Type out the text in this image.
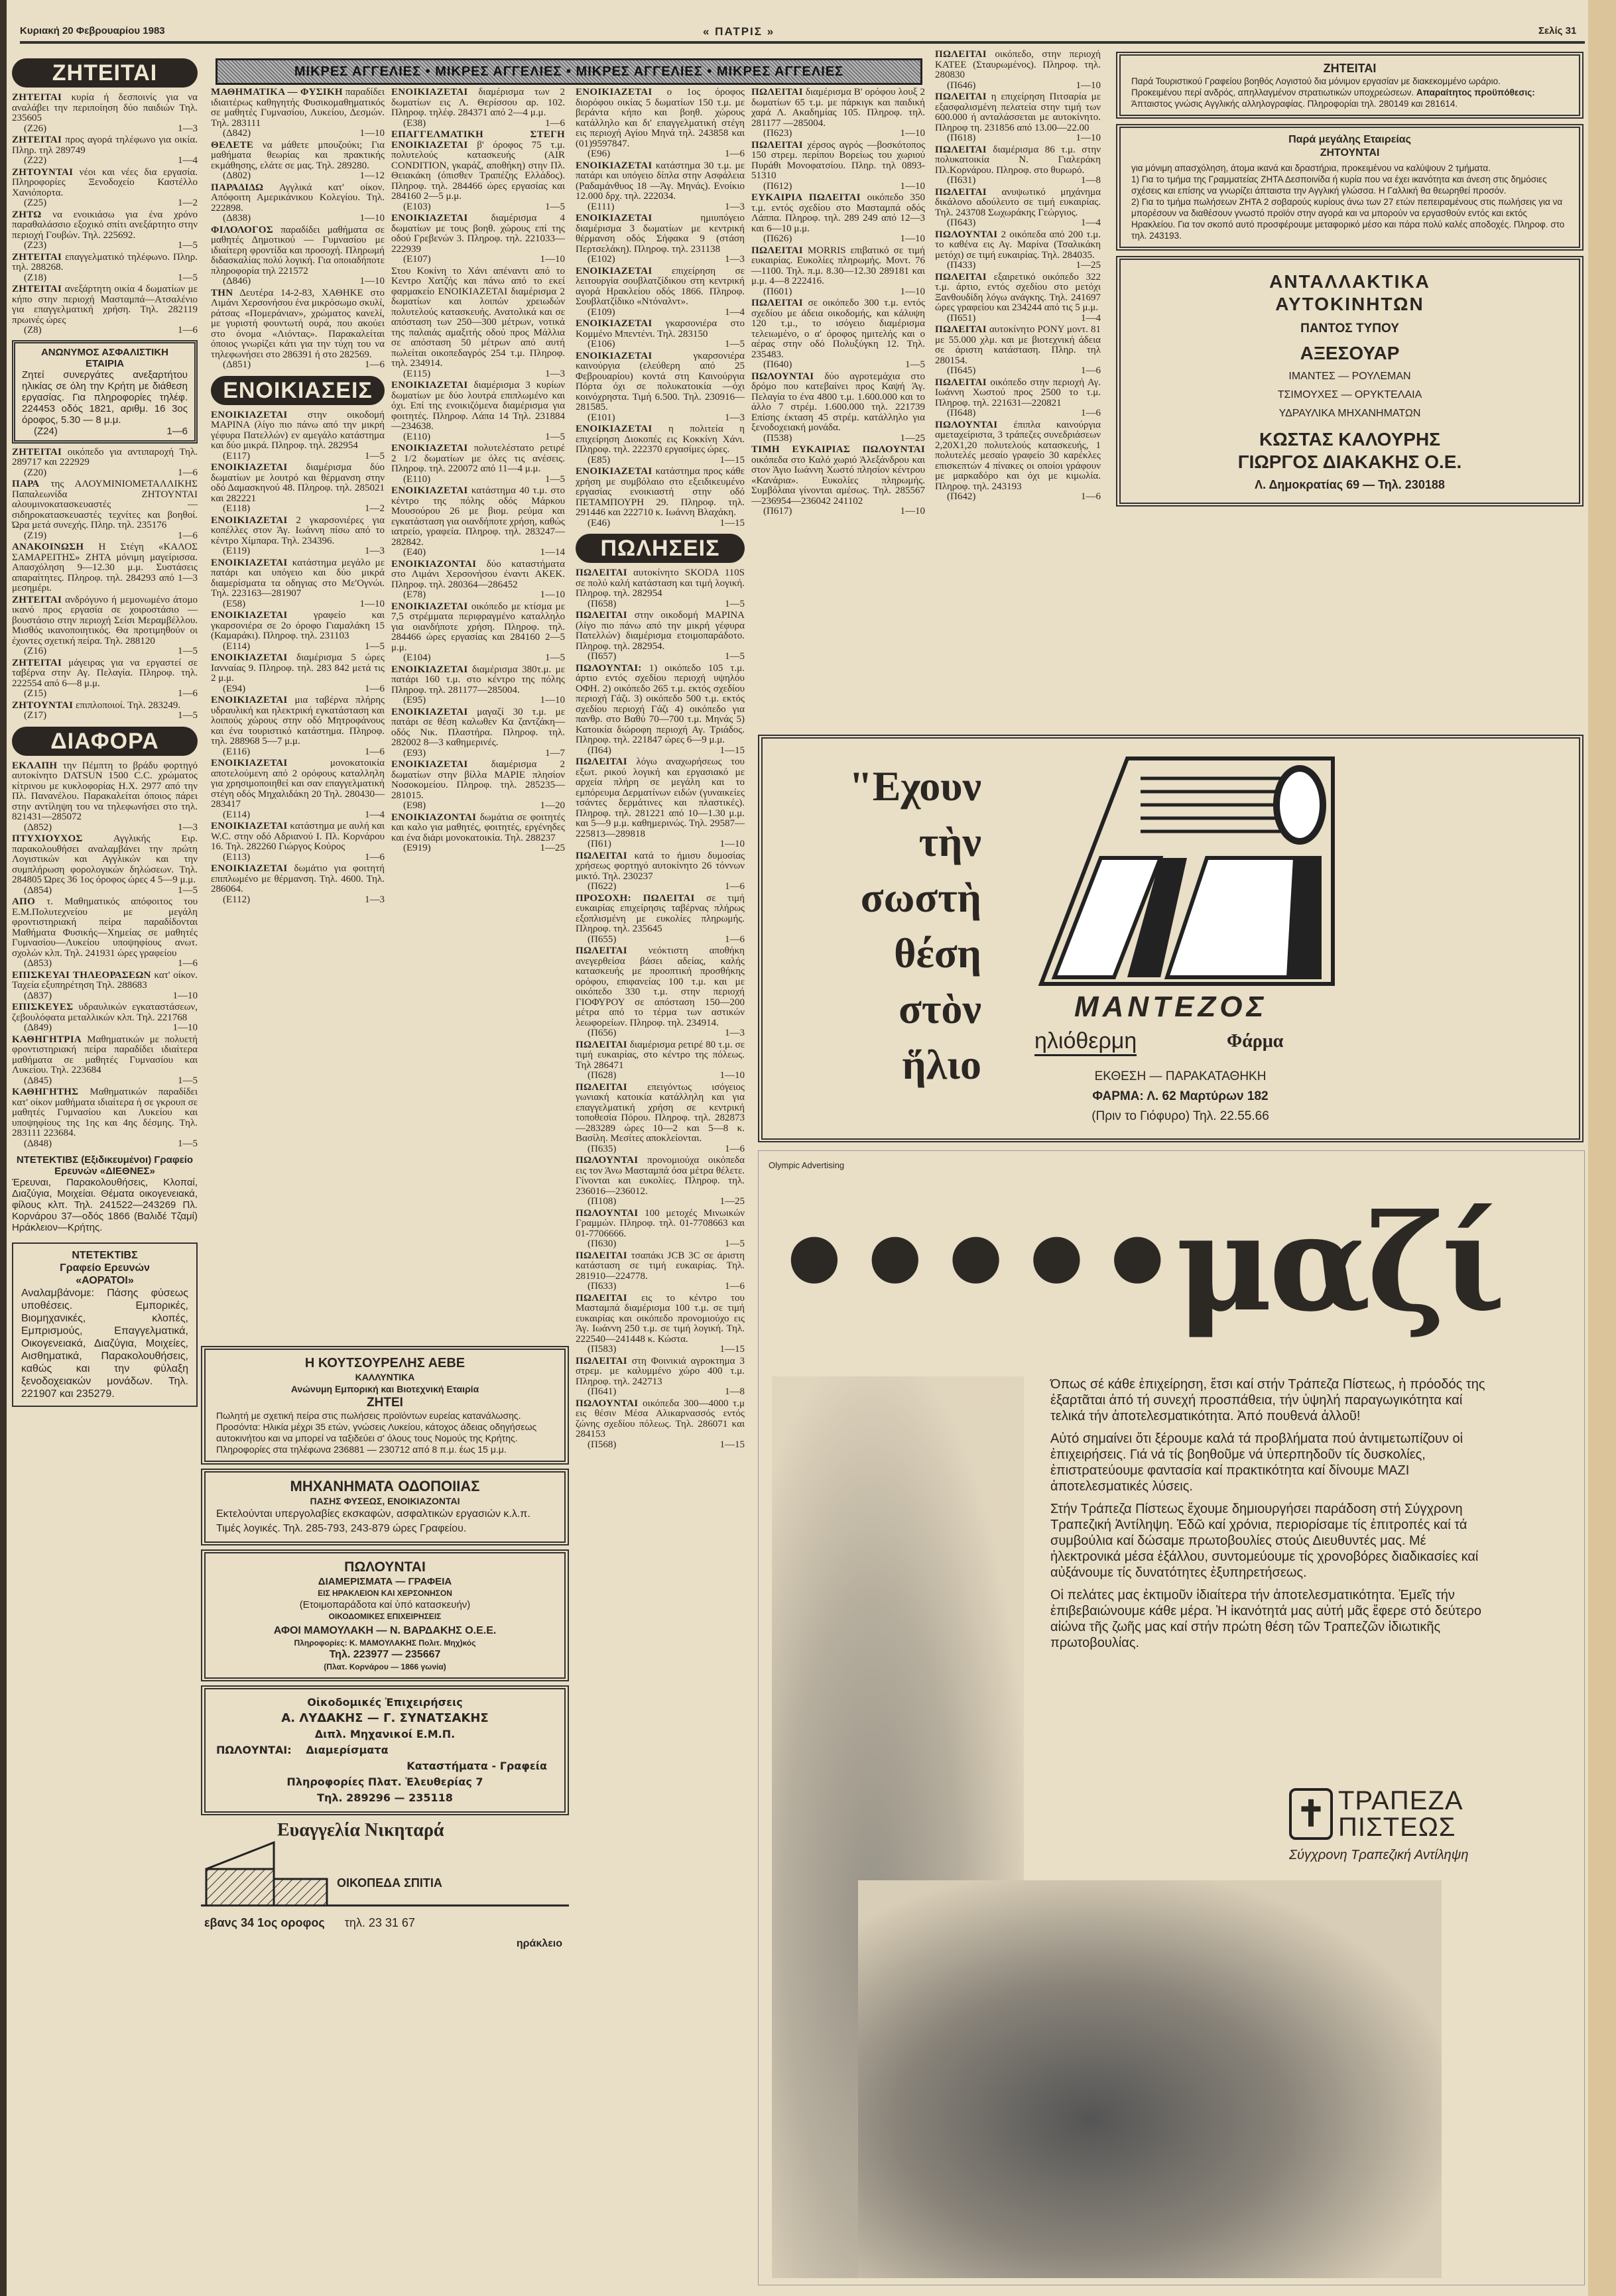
Κυριακή 20 Φεβρουαρίου 1983	« ΠΑΤΡΙΣ »	Σελίς 31
ΜΙΚΡΕΣ ΑΓΓΕΛΙΕΣ • ΜΙΚΡΕΣ ΑΓΓΕΛΙΕΣ • ΜΙΚΡΕΣ ΑΓΓΕΛΙΕΣ • ΜΙΚΡΕΣ ΑΓΓΕΛΙΕΣ
ΖΗΤΕΙΤΑΙ
ΖΗΤΕΙΤΑΙ κυρία ή δεσποινίς για να αναλάβει την περιποίηση δύο παιδιών Τηλ. 235605
(Ζ26)	1—3
ΖΗΤΕΙΤΑΙ προς αγορά τηλέφωνο για οικία. Πληρ. τηλ 289749
(Ζ22)	1—4
ΖΗΤΟΥΝΤΑΙ νέοι και νέες δια εργασία. Πληροφορίες Ξενοδοχείο Καστέλλο Χανιόπορτα.
(Ζ25)	1—2
ΖΗΤΩ να ενοικιάσω για ένα χρόνο παραθαλάσσιο εξοχικό σπίτι ανεξάρτητο στην περιοχή Γουβών. Τηλ. 225692.
(Ζ23)	1—5
ΖΗΤΕΙΤΑΙ επαγγελματικό τηλέφωνο. Πληρ. τηλ. 288268.
(Ζ18)	1—5
ΖΗΤΕΙΤΑΙ ανεξάρτητη οικία 4 δωματίων με κήπο στην περιοχή Μασταμπά—Ατσαλένιο για επαγγελματική χρήση. Τηλ. 282119 πρωινές ώρες
(Ζ8)	1—6
ΑΝΩΝΥΜΟΣ ΑΣΦΑΛΙΣΤΙΚΗ ΕΤΑΙΡΙΑ
Ζητεί συνεργάτες ανεξαρτήτου ηλικίας σε όλη την Κρήτη με διάθεση εργασίας. Για πληροφορίες τηλέφ. 224453 οδός 1821, αριθμ. 16 3ος όροφος, 5.30 — 8 μ.μ.
(Ζ24)	1—6
ΖΗΤΕΙΤΑΙ οικόπεδο για αντιπαροχή Τηλ. 289717 και 222929
(Ζ20)	1—6
ΠΑΡΑ της ΑΛΟΥΜΙΝΙΟΜΕΤΑΛΛΙΚΗΣ Παπαλεωνίδα ΖΗΤΟΥΝΤΑΙ αλουμινοκατασκευαστές — σιδηροκατασκευαστές τεχνίτες και βοηθοί. Ώρα μετά συνεχής. Πληρ. τηλ. 235176
(Ζ19)	1—6
ΑΝΑΚΟΙΝΩΣΗ Η Στέγη «ΚΑΛΟΣ ΣΑΜΑΡΕΙΤΗΣ» ΖΗΤΑ μόνιμη μαγείρισσα. Απασχόληση 9—12.30 μ.μ. Συστάσεις απαραίτητες. Πληροφ. τηλ. 284293 από 1—3 μεσημέρι.
ΖΗΤΕΙΤΑΙ ανδρόγυνο ή μεμονωμένο άτομο ικανό προς εργασία σε χοιροστάσιο — βουστάσιο στην περιοχή Σείσι Μεραμβέλλου. Μισθός ικανοποιητικός. Θα προτιμηθούν οι έχοντες σχετική πείρα. Τηλ. 288120
(Ζ16)	1—5
ΖΗΤΕΙΤΑΙ μάγειρας για να εργαστεί σε ταβέρνα στην Αγ. Πελαγία. Πληροφ. τηλ. 222554 από 6—8 μ.μ.
(Ζ15)	1—6
ΖΗΤΟΥΝΤΑΙ επιπλοποιοί. Τηλ. 283249.
(Ζ17)	1—5
ΔΙΑΦΟΡΑ
ΕΚΛΑΠΗ την Πέμπτη το βράδυ φορτηγό αυτοκίνητο DATSUN 1500 C.C. χρώματος κίτρινου με κυκλοφορίας Η.Χ. 2977 από την Πλ. Πανανέλου. Παρακαλείται όποιος πάρει στην αντίληψη του να τηλεφωνήσει στο τηλ. 821431—285072
(Δ852)	1—3
ΠΤΥΧΙΟΥΧΟΣ	Αγγλικής Ειρ. παρακολουθήσει αναλαμβάνει την πρώτη Λογιστικών και Αγγλικών και την συμπλήρωση φορολογικών δηλώσεων. Τηλ. 284805 Ώρες 36 1ος όροφος ώρες 4 5—9 μ.μ.
(Δ854)	1—5
ΑΠΟ τ. Μαθηματικός απόφοιτος του Ε.Μ.Πολυτεχνείου με μεγάλη φροντιστηριακή πείρα παραδίδονται Μαθήματα Φυσικής—Χημείας σε μαθητές Γυμνασίου—Λυκείου υποψηφίους ανωτ. σχολών κλπ. Τηλ. 241931 ώρες γραφείου
(Δ853)	1—6
ΕΠΙΣΚΕΥΑΙ ΤΗΛΕΟΡΑΣΕΩΝ κατ' οίκον. Ταχεία εξυπηρέτηση Τηλ. 288683
(Δ837)	1—10
ΕΠΙΣΚΕΥΕΣ υδραυλικών εγκαταστάσεων, ζεβουλόφατα μεταλλικών κλπ. Τηλ. 221768
(Δ849)	1—10
ΚΑΘΗΓΗΤΡΙΑ Μαθηματικών με πολυετή φροντιστηριακή πείρα παραδίδει ιδιαίτερα μαθήματα σε μαθητές Γυμνασίου και Λυκείου. Τηλ. 223684
(Δ845)	1—5
ΚΑΘΗΓΗΤΗΣ Μαθηματικών παραδίδει κατ' οίκον μαθήματα ιδιαίτερα ή σε γκρουπ σε μαθητές Γυμνασίου και Λυκείου και υποψηφίους της 1ης και 4ης δέσμης. Τηλ. 283111 223684.
(Δ848)	1—5
ΝΤΕΤΕΚΤΙΒΣ (Εξιδικευμένοι) Γραφείο Ερευνών «ΔΙΕΘΝΕΣ»
Έρευναι, Παρακολουθήσεις, Κλοπαί, Διαζύγια, Μοιχείαι. Θέματα οικογενειακά, φίλους κλπ. Τηλ. 241522—243269 Πλ. Κορνάρου 37—οδός 1866 (Βαλιδέ Τζαμί) Ηράκλειον—Κρήτης.
ΝΤΕΤΕΚΤΙΒΣ
Γραφείο Ερευνών
«ΑΟΡΑΤΟΙ»
Αναλαμβάνομε: Πάσης φύσεως υποθέσεις. Εμπορικές, Βιομηχανικές, κλοπές, Εμπρισμούς, Επαγγελματικά, Οικογενειακά, Διαζύγια, Μοιχείες, Αισθηματικά, Παρακολουθήσεις, καθώς και την φύλαξη ξενοδοχειακών μονάδων. Τηλ. 221907 και 235279.
ΜΑΘΗΜΑΤΙΚΑ — ΦΥΣΙΚΗ παραδίδει ιδιαιτέρως καθηγητής Φυσικομαθηματικός σε μαθητές Γυμνασίου, Λυκείου, Δεσμών. Τηλ. 283111
(Δ842)	1—10
ΘΕΛΕΤΕ να μάθετε μπουζούκι; Για μαθήματα θεωρίας και πρακτικής εκμάθησης, ελάτε σε μας. Τηλ. 289280.
(Δ802)	1—12
ΠΑΡΑΔΙΔΩ Αγγλικά κατ' οίκον. Απόφοιτη Αμερικάνικου Κολεγίου. Τηλ. 222898.
(Δ838)	1—10
ΦΙΛΟΛΟΓΟΣ παραδίδει μαθήματα σε μαθητές Δημοτικού — Γυμνασίου με ιδιαίτερη φροντίδα και προσοχή. Πληρωμή διδασκαλίας πολύ λογική. Για οποιαδήποτε πληροφορία τηλ 221572
(Δ846)	1—10
ΤΗΝ Δευτέρα 14-2-83, ΧΑΘΗΚΕ στο Λιμάνι Χερσονήσου ένα μικρόσωμο σκυλί, ράτσας «Πομεράνιαν», χρώματος κανελί, με γυριστή φουντωτή ουρά, που ακούει στο όνομα «Λιόντας». Παρακαλείται όποιος γνωρίζει κάτι για την τύχη του να τηλεφωνήσει στο 286391 ή στο 282569.
(Δ851)	1—6
ΕΝΟΙΚΙΑΣΕΙΣ
ΕΝΟΙΚΙΑΖΕΤΑΙ στην οικοδομή ΜΑΡΙΝΑ (λίγο πιο πάνω από την μικρή γέφυρα Πατελλών) εν αμεγάλο κατάστημα και δύο μικρά. Πληροφ. τηλ. 282954
(Ε117)	1—5
ΕΝΟΙΚΙΑΖΕΤΑΙ διαμέρισμα δύο δωματίων με λουτρό και θέρμανση στην οδό Δαμασκηνού 48. Πληροφ. τηλ. 285021 και 282221
(Ε118)	1—2
ΕΝΟΙΚΙΑΖΕΤΑΙ 2 γκαρσονιέρες για κοπέλλες στον Άγ. Ιωάννη πίσω από το κέντρο Χίμπαρα. Τηλ. 234396.
(Ε119)	1—3
ΕΝΟΙΚΙΑΖΕΤΑΙ κατάστημα μεγάλο με πατάρι και υπόγειο και δύο μικρά διαμερίσματα τα οδηγιας στο Με'Ογνώι. Τηλ. 223163—281907
(Ε58)	1—10
ΕΝΟΙΚΙΑΖΕΤΑΙ	γραφείο και γκαρσονιέρα σε 2ο όροφο Γιαμαλάκη 15 (Καμαράκι). Πληροφ. τηλ. 231103
(Ε114)	1—5
ΕΝΟΙΚΙΑΖΕΤΑΙ διαμέρισμα 5 ώρες Ιανναίας 9. Πληροφ. τηλ. 283 842 μετά τις 2 μ.μ.
(Ε94)	1—6
ΕΝΟΙΚΙΑΖΕΤΑΙ μια ταβέρνα πλήρης υδραυλική και ηλεκτρική εγκατάσταση και λοιπούς χώρους στην οδό Μητροφάνους και ένα τουριστικό κατάστημα. Πληροφ. τηλ. 288968 5—7 μ.μ.
(Ε116)	1—6
ΕΝΟΙΚΙΑΖΕΤΑΙ	μονοκατοικία αποτελούμενη από 2 ορόφους καταλληλη για χρησιμοποιηθεί και σαν επαγγελματική στέγη οδός Μηχαλιδάκη 20 Τηλ. 280430—283417
(Ε114)	1—4
ΕΝΟΙΚΙΑΖΕΤΑΙ κατάστημα με αυλή και W.C. στην οδό Αδριανού Ι. Πλ. Κορνάρου 16. Τηλ. 282260 Γιώργος Κούρος
(Ε113)	1—6
ΕΝΟΙΚΙΑΖΕΤΑΙ δωμάτιο για φοιτητή επιπλωμένο με θέρμανση. Τηλ. 4600. Τηλ. 286064.
(Ε112)	1—3
ΕΝΟΙΚΙΑΖΕΤΑΙ διαμέρισμα των 2 δωματίων εις Λ. Θερίσσου αρ. 102. Πληροφ. τηλέφ. 284371 από 2—4 μ.μ.
(Ε38)	1—6
ΕΠΑΓΓΕΛΜΑΤΙΚΗ ΣΤΕΓΗ ΕΝΟΙΚΙΑΖΕΤΑΙ β' όροφος 75 τ.μ. πολυτελούς κατασκευής (AIR CONDITION, γκαράζ, αποθήκη) στην Πλ. Θειακάκη (όπισθεν Τραπέζης Ελλάδος). Πληροφ. τηλ. 284466 ώρες εργασίας και 284160 2—5 μ.μ.
(Ε103)	1—5
ΕΝΟΙΚΙΑΖΕΤΑΙ διαμέρισμα 4 δωματίων με τους βοηθ. χώρους επί της οδού Γρεβενών 3. Πληροφ. τηλ. 221033—222939
(Ε107)	1—10
Στου Κοκίνη το Χάνι απέναντι από το Κεντρο Χατζής και πάνω από το εκεί φαρμακείο ΕΝΟΙΚΙΑΖΕΤΑΙ διαμέρισμα 2 δωματίων και λοιπών χρειωδών πολυτελούς κατασκευής. Ανατολικά και σε απόσταση των 250—300 μέτρων, νοτικά της παλαιάς αμαξιτής οδού προς Μάλλια σε απόσταση 50 μέτρων από αυτή πωλείται οικοπεδαγρός 254 τ.μ. Πληροφ. τηλ. 234914.
(Ε115)	1—3
ΕΝΟΙΚΙΑΖΕΤΑΙ διαμέρισμα 3 κυρίων δωματίων με δύο λουτρά επιπλωμένο και όχι. Επί της ενοικιζόμενα διαμέρισμα για φοιτητές. Πληροφ. Λάπα 14 Τηλ. 231884—234638.
(Ε110)	1—5
ΕΝΟΙΚΙΑΖΕΤΑΙ πολυτελέστατο ρετιρέ 2 1/2 δωματίων με όλες τις ανέσεις. Πληροφ. τηλ. 220072 από 11—4 μ.μ.
(Ε110)	1—5
ΕΝΟΙΚΙΑΖΕΤΑΙ κατάστημα 40 τ.μ. στο κέντρο της πόλης οδός Μάρκου Μουσούρου 26 με βιομ. ρεύμα και εγκατάσταση για οιανδήποτε χρήση, καθώς ιατρείο, γραφεία. Πληροφ. τηλ. 283247—282842.
(Ε40)	1—14
ΕΝΟΙΚΙΑΖΟΝΤΑΙ δύο καταστήματα στο Λιμάνι Χερσονήσου έναντι ΑΚΕΚ. Πληροφ. τηλ. 280364—286452
(Ε78)	1—10
ΕΝΟΙΚΙΑΖΕΤΑΙ οικόπεδο με κτίσμα με 7,5 στρέμματα περιφραγμένο καταλληλο για οιανδήποτε χρήση. Πληροφ. τηλ. 284466 ώρες εργασίας και 284160 2—5 μ.μ.
(Ε104)	1—5
ΕΝΟΙΚΙΑΖΕΤΑΙ διαμέρισμα 380τ.μ. με πατάρι 160 τ.μ. στο κέντρο της πόλης Πληροφ. τηλ. 281177—285004.
(Ε95)	1—10
ΕΝΟΙΚΙΑΖΕΤΑΙ μαγαζί 30 τ.μ. με πατάρι σε θέση καλωθεν Κα ζαντζάκη—οδός Νικ. Πλαστήρα. Πληροφ. τηλ. 282002 8—3 καθημερινές.
(Ε93)	1—7
ΕΝΟΙΚΙΑΖΕΤΑΙ διαμέρισμα 2 δωματίων στην βίλλα ΜΑΡΙΕ πλησίον Νοσοκομείου. Πληροφ. τηλ. 285235—281015.
(Ε98)	1—20
ΕΝΟΙΚΙΑΖΟΝΤΑΙ δωμάτια σε φοιτητές και καλο για μαθητές, φοιτητές, εργένηδες και ένα διάρι μονοκατοικία. Τηλ. 288237
(Ε919)	1—25
ΕΝΟΙΚΙΑΖΕΤΑΙ ο 1ος όροφος διορόφου οικίας 5 δωματίων 150 τ.μ. με βεράντα κήπο και βοηθ. χώρους κατάλληλο και δι' επαγγελματική στέγη εις περιοχή Αγίου Μηνά τηλ. 243858 και (01)9597847.
(Ε96)	1—6
ΕΝΟΙΚΙΑΖΕΤΑΙ κατάστημα 30 τ.μ. με πατάρι και υπόγειο δίπλα στην Ασφάλεια (Ραδαμάνθυος 18 —Άγ. Μηνάς). Ενοίκιο 12.000 δρχ. τηλ. 222034.
(Ε111)	1—3
ΕΝΟΙΚΙΑΖΕΤΑΙ	ημιυπόγειο διαμέρισμα 3 δωματίων με κεντρική θέρμανση οδός Σήφακα 9 (στάση Περτσελάκη). Πληροφ. τηλ. 231138
(Ε102)	1—3
ΕΝΟΙΚΙΑΖΕΤΑΙ επιχείρηση σε λειτουργία σουβλατζίδικου στη κεντρική αγορά Ηρακλείου οδός 1866. Πληροφ. Σουβλατζίδικο «Ντόναλντ».
(Ε109)	1—4
ΕΝΟΙΚΙΑΖΕΤΑΙ γκαρσονιέρα στο Κομμένο Μπεντένι. Τηλ. 283150
(Ε106)	1—5
ΕΝΟΙΚΙΑΖΕΤΑΙ	γκαρσονιέρα καινούργια (ελεύθερη από 25 Φεβρουαρίου) κοντά στη Καινούργια Πόρτα όχι σε πολυκατοικία —όχι κοινόχρηστα. Τιμή 6.500. Τηλ. 230916—281585.
(Ε101)	1—3
ΕΝΟΙΚΙΑΖΕΤΑΙ η πολιτεία η επιχείρηση Διοκοπές εις Κοκκίνη Χάνι. Πληροφ. τηλ. 222370 εργασίμες ώρες.
(Ε85)	1—15
ΕΝΟΙΚΙΑΖΕΤΑΙ κατάστημα προς κάθε χρήση με συμβόλαιο στο εξειδικευμένο εργασίας ενοικιαστή στην οδό ΠΕΤΑΜΠΟΥΡΗ 29. Πληροφ. τηλ. 291446 και 222710 κ. Ιωάννη Βλαχάκη.
(Ε46)	1—15
ΠΩΛΗΣΕΙΣ
ΠΩΛΕΙΤΑΙ αυτοκίνητο SKODA 110S σε πολύ καλή κατάσταση και τιμή λογική. Πληροφ. τηλ. 282954
(Π658)	1—5
ΠΩΛΕΙΤΑΙ στην οικοδομή ΜΑΡΙΝΑ (λίγο πιο πάνω από την μικρή γέφυρα Πατελλών) διαμέρισμα ετοιμοπαράδοτο. Πληροφ. τηλ. 282954.
(Π657)	1—5
ΠΩΛΟΥΝΤΑΙ: 1) οικόπεδο 105 τ.μ. άρτιο εντός σχεδίου περιοχή υψηλόυ ΟΦΗ. 2) οικόπεδο 265 τ.μ. εκτός σχεδίου περιοχή Γάζι. 3) οικόπεδο 500 τ.μ. εκτός σχεδίου περιοχή Γάζι 4) οικόπεδο για πανθρ. στο Βαθύ 70—700 τ.μ. Μηνάς 5) Κατοικία διώροφη περιοχή Αγ. Τριάδος. Πληροφ. τηλ. 221847 ώρες 6—9 μ.μ.
(Π64)	1—15
ΠΩΛΕΙΤΑΙ λόγω αναχωρήσεως του εξωτ. ρικού λογική και εργασιακό με αρχεία πλήρη σε μεγάλη και το εμπόρευμα Δερματίνων ειδών (γυναικείες τσάντες δερμάτινες και πλαστικές). Πληροφ. τηλ. 281221 από 10—1.30 μ.μ. και 5—9 μ.μ. καθημερινώς. Τηλ. 29587—225813—289818
(Π61)	1—10
ΠΩΛΕΙΤΑΙ κατά το ήμισυ δυμοσίας χρήσεως φορτηγό αυτοκίνητο 26 τόννων μικτό. Τηλ. 230237
(Π622)	1—6
ΠΡΟΣΟΧΗ: ΠΩΛΕΙΤΑΙ σε τιμή ευκαιρίας επιχείρησις ταβέρνας πλήρως εξοπλισμένη με ευκολίες πληρωμής. Πληροφ. τηλ. 235645
(Π655)	1—6
ΠΩΛΕΙΤΑΙ νεόκτιστη αποθήκη ανεγερθείσα βάσει αδείας, καλής κατασκευής με προοπτική προσθήκης ορόφου, επιφανείας 100 τ.μ. και με οικόπεδο 330 τ.μ. στην περιοχή ΓΙΟΦΥΡΟΥ σε απόσταση 150—200 μέτρα από το τέρμα των αστικών λεωφορείων. Πληροφ. τηλ. 234914.
(Π656)	1—3
ΠΩΛΕΙΤΑΙ διαμέρισμα ρετιρέ 80 τ.μ. σε τιμή ευκαιρίας, στο κέντρο της πόλεως. Τηλ 286471
(Π628)	1—10
ΠΩΛΕΙΤΑΙ επειγόντως ισόγειος γωνιακή κατοικία κατάλληλη και για επαγγελματική χρήση σε κεντρική τοποθεσία Πόρου. Πληροφ. τηλ. 282873—283289 ώρες 10—2 και 5—8 κ. Βασίλη. Μεσίτες αποκλείονται.
(Π635)	1—6
ΠΩΛΟΥΝΤΑΙ προνομιούχα οικόπεδα εις τον Άνω Μασταμπά όσα μέτρα θέλετε. Γίνονται και ευκολίες. Πληροφ. τηλ. 236016—236012.
(Π108)	1—25
ΠΩΛΟΥΝΤΑΙ 100 μετοχές Μινωικών Γραμμών. Πληροφ. τηλ. 01-7708663 και 01-7706666.
(Π630)	1—5
ΠΩΛΕΙΤΑΙ τσαπάκι JCB 3C σε άριστη κατάσταση σε τιμή ευκαιρίας. Τηλ. 281910—224778.
(Π633)	1—6
ΠΩΛΕΙΤΑΙ εις το κέντρο του Μασταμπά διαμέρισμα 100 τ.μ. σε τιμή ευκαιρίας και οικόπεδο προνομιούχο εις Άγ. Ιωάννη 250 τ.μ. σε τιμή λογική. Τηλ. 222540—241448 κ. Κώστα.
(Π583)	1—15
ΠΩΛΕΙΤΑΙ στη Φοινικιά αγροκτημα 3 στρεμ. με καλυμμένο χώρο 400 τ.μ. Πληροφ. τηλ. 242713
(Π641)	1—8
ΠΩΛΟΥΝΤΑΙ οικόπεδα 300—4000 τ.μ εις θέσιν Μέσα Αλικαρνασσός εντός ζώνης σχεδίου πόλεως. Τηλ. 286071 και 284153
(Π568)	1—15
ΠΩΛΕΙΤΑΙ διαμέρισμα Β' ορόφου λουξ 2 δωματίων 65 τ.μ. με πάρκιγκ και παιδική χαρά Λ. Ακαδημίας 105. Πληροφ. τηλ. 281177 —285004.
(Π623)	1—10
ΠΩΛΕΙΤΑΙ χέρσος αγρός —βοσκότοπος 150 στρεμ. περίπου Βορείως του χωριού Πυράθι Μονοφατσίου. Πληρ. τηλ 0893-51310
(Π612)	1—10
ΕΥΚΑΙΡΙΑ ΠΩΛΕΙΤΑΙ οικόπεδο 350 τ.μ. εντός σχεδίου στο Μασταμπά οδός Λάππα. Πληροφ. τηλ. 289 249 από 12—3 και 6—10 μ.μ.
(Π626)	1—10
ΠΩΛΕΙΤΑΙ MORRIS επιβατικό σε τιμή ευκαιρίας. Ευκολίες πληρωμής. Μοντ. 76—1100. Τηλ. π.μ. 8.30—12.30 289181 και μ.μ. 4—8 222416.
(Π601)	1—10
ΠΩΛΕΙΤΑΙ σε οικόπεδο 300 τ.μ. εντός σχεδίου με άδεια οικοδομής, και κάλυψη 120 τ.μ., το ισόγειο διαμέρισμα τελειωμένο, ο α' όροφος ημιτελής και ο αέρας στην οδό Πολυξύγκη 12. Τηλ. 235483.
(Π640)	1—5
ΠΩΛΟΥΝΤΑΙ δύο αγροτεμάχια στο δρόμο που κατεβαίνει προς Καψή Άγ. Πελαγία το ένα 4800 τ.μ. 1.600.000 και το άλλο 7 στρέμ. 1.600.000 τηλ. 221739 Επίσης έκταση 45 στρέμ. κατάλληλο για ξενοδοχειακή μονάδα.
(Π538)	1—25
ΤΙΜΗ ΕΥΚΑΙΡΙΑΣ ΠΩΛΟΥΝΤΑΙ οικόπεδα στο Καλό χωριό Άλεξάνδρου και στον Άγιο Ιωάννη Χωστό πλησίον κέντρου «Κανάρια». Ευκολίες πληρωμής. Συμβόλαια γίνονται αμέσως. Τηλ. 285567—236954—236042 241102
(Π617)	1—10
ΠΩΛΕΙΤΑΙ οικόπεδο, στην περιοχή ΚΑΤΕΕ (Σταυρωμένος). Πληροφ. τηλ. 280830
(Π646)	1—10
ΠΩΛΕΙΤΑΙ η επιχείρηση Πιτσαρία με εξασφαλισμένη πελατεία στην τιμή των 600.000 ή ανταλάσσεται με αυτοκίνητο. Πληροφ τη. 231856 από 13.00—22.00
(Π618)	1—10
ΠΩΛΕΙΤΑΙ διαμέρισμα 86 τ.μ. στην πολυκατοικία Ν. Γιαλεράκη Πλ.Κορνάρου. Πληροφ. στο θυρωρό.
(Π631)	1—8
ΠΩΛΕΙΤΑΙ ανυψωτικό μηχάνημα δικάλονο αδούλευτο σε τιμή ευκαιρίας. Τηλ. 243708 Σωχωράκης Γεώργιος.
(Π643)	1—4
ΠΩΛΟΥΝΤΑΙ 2 οικόπεδα από 200 τ.μ. το καθένα εις Αγ. Μαρίνα (Τσαλικάκη μετόχι) σε τιμή ευκαιρίας. Τηλ. 284035.
(Π433)	1—25
ΠΩΛΕΙΤΑΙ εξαιρετικό οικόπεδο 322 τ.μ. άρτιο, εντός σχεδίου στο μετόχι Ξανθουδίδη λόγω ανάγκης. Τηλ. 241697 ώρες γραφείου και 234244 από τις 5 μ.μ.
(Π651)	1—4
ΠΩΛΕΙΤΑΙ αυτοκίνητο ΡΟΝΥ μοντ. 81 με 55.000 χλμ. και με βιοτεχνική άδεια σε άριστη κατάσταση. Πληρ. τηλ 280154.
(Π645)	1—6
ΠΩΛΕΙΤΑΙ οικόπεδο στην περιοχή Αγ. Ιωάννη Χωστού προς 2500 το τ.μ. Πληροφ. τηλ. 221631—220821
(Π648)	1—6
ΠΩΛΟΥΝΤΑΙ έπιπλα καινούργια αμεταχείριστα, 3 τράπεζες συνεδριάσεων 2,20Χ1,20 πολυτελούς κατασκευής, 1 πολυτελές μεσαίο γραφείο 30 καρέκλες επισκεπτών 4 πίνακες οι οποίοι γράφουν με μαρκαδόρο και όχι με κιμωλία. Πληροφ. τηλ. 243193
(Π642)	1—6
ΖΗΤΕΙΤΑΙ
Παρά Τουριστικού Γραφείου βοηθός Λογιστού δια μόνιμον εργασίαν με διακεκομμένο ωράριο.
Προκειμένου περί ανδρός, απηλλαγμένον στρατιωτικών υποχρεώσεων. Απαραίτητος προϋπόθεσις: Άπταιστος γνώσις Αγγλικής αλληλογραφίας. Πληροφορίαι τηλ. 280149 και 281614.
Παρά μεγάλης Εταιρείας
ΖΗΤΟΥΝΤΑΙ
για μόνιμη απασχόληση, άτομα ικανά και δραστήρια, προκειμένου να καλύψουν 2 τμήματα.
1) Για το τμήμα της Γραμματείας ΖΗΤΑ Δεσποινίδα ή κυρία που να έχει ικανότητα και άνεση στις δημόσιες σχέσεις και επίσης να γνωρίζει άπταιστα την Αγγλική γλώσσα. Η Γαλλική θα θεωρηθεί προσόν.
2) Για το τμήμα πωλήσεων ΖΗΤΑ 2 σοβαρούς κυρίους άνω των 27 ετών πεπειραμένους στις πωλήσεις για να μπορέσουν να διαθέσουν γνωστό προϊόν στην αγορά και να μπορούν να εργασθούν εντός και εκτός Ηρακλείου. Για τον σκοπό αυτό προσφέρουμε μεταφορικό μέσο και πάρα πολύ καλές αποδοχές. Πληροφ. στο τηλ. 243193.
ΑΝΤΑΛΛΑΚΤΙΚΑ
ΑΥΤΟΚΙΝΗΤΩΝ
ΠΑΝΤΟΣ ΤΥΠΟΥ
ΑΞΕΣΟΥΑΡ
ΙΜΑΝΤΕΣ — ΡΟΥΛΕΜΑΝ
ΤΣΙΜΟΥΧΕΣ — ΟΡΥΚΤΕΛΑΙΑ
ΥΔΡΑΥΛΙΚΑ ΜΗΧΑΝΗΜΑΤΩΝ
ΚΩΣΤΑΣ ΚΑΛΟΥΡΗΣ
ΓΙΩΡΓΟΣ ΔΙΑΚΑΚΗΣ Ο.Ε.
Λ. Δημοκρατίας 69 — Τηλ. 230188
"Εχουν
τὴν
σωστὴ
θέση
στὸν
ἥλιο
ΜΑΝΤΕΖΟΣ
ηλιόθερμη	Φάρμα
ΕΚΘΕΣΗ — ΠΑΡΑΚΑΤΑΘΗΚΗ
ΦΑΡΜΑ: Λ. 62 Μαρτύρων 182
(Πριν το Γιόφυρο) Τηλ. 22.55.66
Olympic Advertising
•••••μαζί

Όπως σέ κάθε ἐπιχείρηση, ἔτσι καί στήν Τράπεζα Πίστεως, ἡ πρόοδός της ἐξαρτᾶται ἀπό τή συνεχή προσπάθεια, τήν ὑψηλή παραγωγικότητα καί τελικά τήν ἀποτελεσματικότητα. Ἀπό πουθενά ἀλλοῦ!

Αὐτό σημαίνει ὅτι ξέρουμε καλά τά προβλήματα πού ἀντιμετωπίζουν οἱ ἐπιχειρήσεις. Γιά νά τίς βοηθοῦμε νά ὑπερπηδοῦν τίς δυσκολίες, ἐπιστρατεύουμε φαντασία καί πρακτικότητα καί δίνουμε ΜΑΖΙ ἀποτελεσματικές λύσεις.

Στήν Τράπεζα Πίστεως ἔχουμε δημιουργήσει παράδοση στή Σύγχρονη Τραπεζική Ἀντίληψη. Ἐδῶ καί χρόνια, περιορίσαμε τίς ἐπιτροπές καί τά συμβούλια καί δώσαμε πρωτοβουλίες στούς Διευθυντές μας. Μέ ἠλεκτρονικά μέσα ἐξάλλου, συντομεύουμε τίς χρονοβόρες διαδικασίες καί αὐξάνουμε τίς δυνατότητες ἐξυπηρετήσεως.

Οἱ πελάτες μας ἐκτιμοῦν ἰδιαίτερα τήν ἀποτελεσματικότητα. Ἐμεῖς τήν ἐπιβεβαιώνουμε κάθε μέρα. Ἡ ἱκανότητά μας αὐτή μᾶς ἔφερε στό δεύτερο αἰώνα τῆς ζωῆς μας καί στήν πρώτη θέση τῶν Τραπεζῶν ἰδιωτικῆς πρωτοβουλίας.

✝ ΤΡΑΠΕΖΑ
ΠΙΣΤΕΩΣ
Σύγχρονη Τραπεζική Αντίληψη
Η ΚΟΥΤΣΟΥΡΕΛΗΣ ΑΕΒΕ
ΚΑΛΛΥΝΤΙΚΑ
Ανώνυμη Εμπορική και Βιοτεχνική Εταιρία
ΖΗΤΕΙ
Πωλητή με σχετική πείρα στις πωλήσεις προϊόντων ευρείας κατανάλωσης. Προσόντα: Ηλικία μέχρι 35 ετών, γνώσεις Λυκείου, κάτοχος άδειας οδηγήσεως αυτοκινήτου και να μπορεί να ταξιδεύει σ' όλους τους Νομούς της Κρήτης. Πληροφορίες στα τηλέφωνα 236881 — 230712 από 8 π.μ. έως 15 μ.μ.
ΜΗΧΑΝΗΜΑΤΑ ΟΔΟΠΟΙΙΑΣ
ΠΑΣΗΣ ΦΥΣΕΩΣ, ΕΝΟΙΚΙΑΖΟΝΤΑΙ
Εκτελούνται υπεργολαβίες εκσκαφών, ασφαλτικών εργασιών κ.λ.π. Τιμές λογικές. Τηλ. 285-793, 243-879 ώρες Γραφείου.
ΠΩΛΟΥΝΤΑΙ
ΔΙΑΜΕΡΙΣΜΑΤΑ — ΓΡΑΦΕΙΑ
ΕΙΣ ΗΡΑΚΛΕΙΟΝ ΚΑΙ ΧΕΡΣΟΝΗΣΟΝ
(Ετοιμοπαράδοτα καί ὑπό κατασκευήν)
ΟΙΚΟΔΟΜΙΚΕΣ ΕΠΙΧΕΙΡΗΣΕΙΣ
ΑΦΟΙ ΜΑΜΟΥΛΑΚΗ — Ν. ΒΑΡΔΑΚΗΣ Ο.Ε.Ε.
Πληροφορίες: Κ. ΜΑΜΟΥΛΑΚΗΣ Πολιτ. Μηχ)κός
Τηλ. 223977 — 235667
(Πλατ. Κορνάρου — 1866 γωνία)
Οἰκοδομικές Ἐπιχειρήσεις
Α. ΛΥΔΑΚΗΣ — Γ. ΣΥΝΑΤΣΑΚΗΣ
Διπλ. Μηχανικοί Ε.Μ.Π.
ΠΩΛΟΥΝΤΑΙ: Διαμερίσματα
Καταστήματα - Γραφεία
Πληροφορίες Πλατ. Ἐλευθερίας 7
Τηλ. 289296 — 235118
Ευαγγελία Νικηταρά
ΟΙΚΟΠΕΔΑ ΣΠΙΤΙΑ
εβανς 34 1ος οροφος τηλ. 23 31 67
ηράκλειο
